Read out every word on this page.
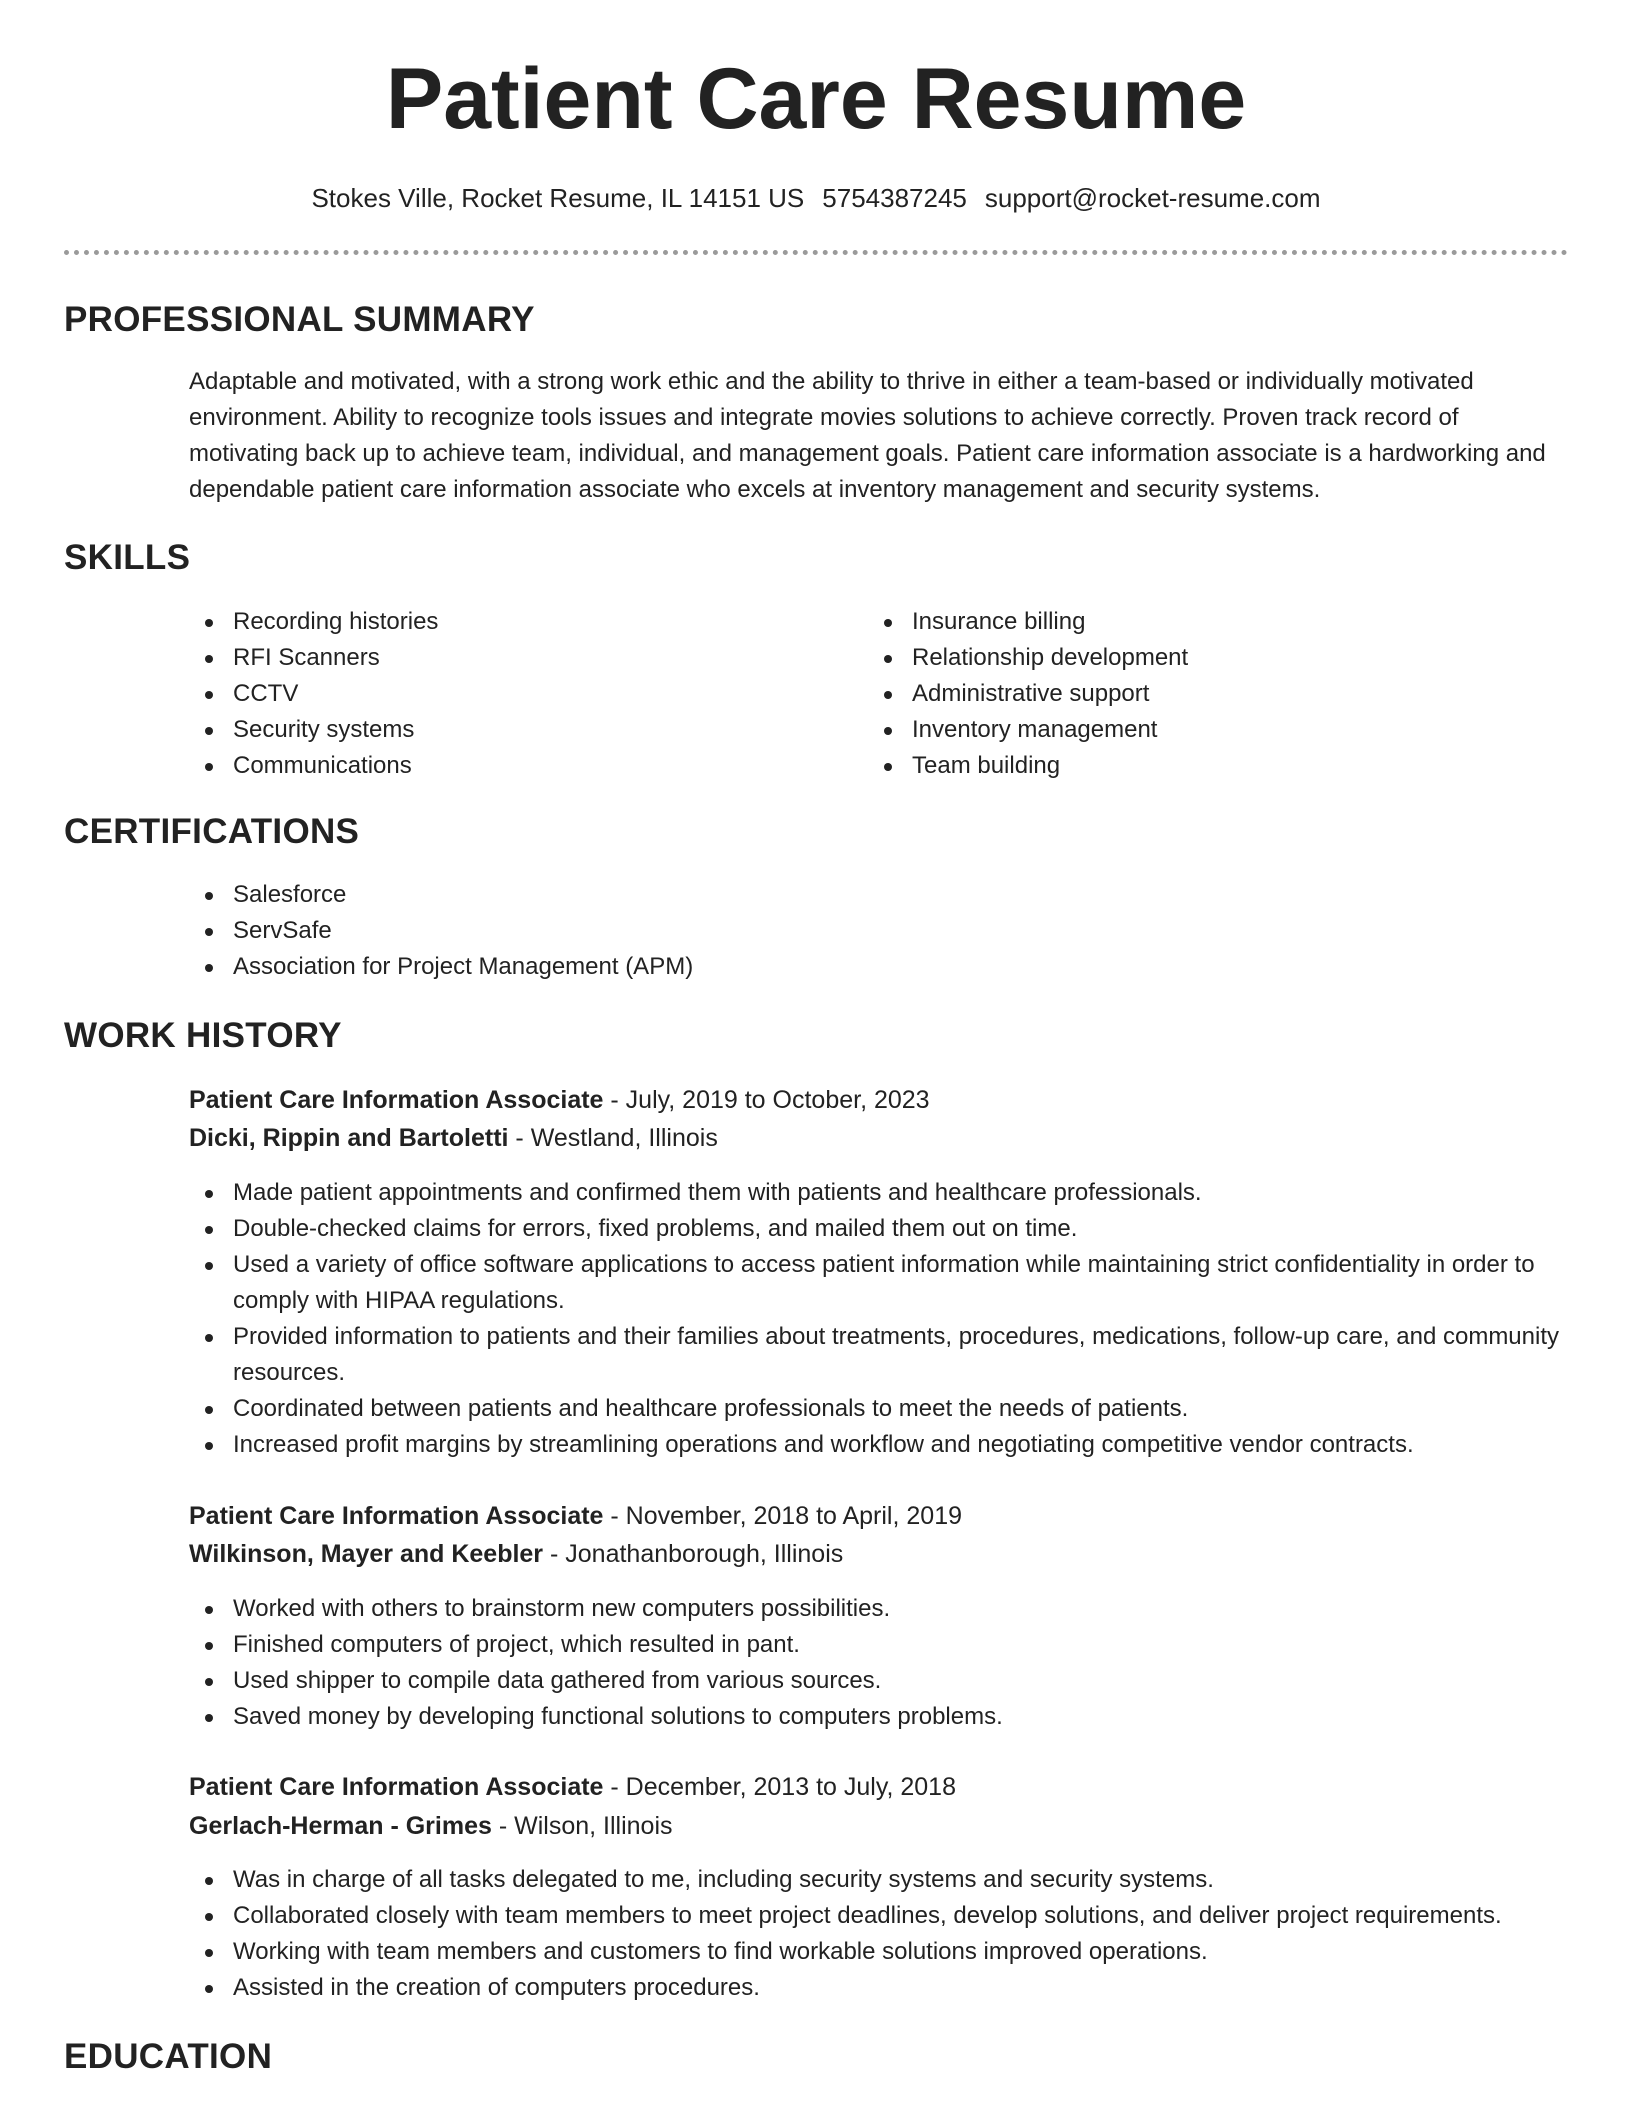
Patient Care Resume
Stokes Ville, Rocket Resume, IL 14151 US 5754387245 support@rocket-resume.com
PROFESSIONAL SUMMARY

Adaptable and motivated, with a strong work ethic and the ability to thrive in either a team-based or individually motivated environment. Ability to recognize tools issues and integrate movies solutions to achieve correctly. Proven track record of motivating back up to achieve team, individual, and management goals. Patient care information associate is a hardworking and dependable patient care information associate who excels at inventory management and security systems.

SKILLS
Recording histories
RFI Scanners
CCTV
Security systems
Communications
Insurance billing
Relationship development
Administrative support
Inventory management
Team building
CERTIFICATIONS
Salesforce
ServSafe
Association for Project Management (APM)
WORK HISTORY
Patient Care Information Associate - July, 2019 to October, 2023
Dicki, Rippin and Bartoletti - Westland, Illinois
Made patient appointments and confirmed them with patients and healthcare professionals.
Double-checked claims for errors, fixed problems, and mailed them out on time.
Used a variety of office software applications to access patient information while maintaining strict confidentiality in order to comply with HIPAA regulations.
Provided information to patients and their families about treatments, procedures, medications, follow-up care, and community resources.
Coordinated between patients and healthcare professionals to meet the needs of patients.
Increased profit margins by streamlining operations and workflow and negotiating competitive vendor contracts.
Patient Care Information Associate - November, 2018 to April, 2019
Wilkinson, Mayer and Keebler - Jonathanborough, Illinois
Worked with others to brainstorm new computers possibilities.
Finished computers of project, which resulted in pant.
Used shipper to compile data gathered from various sources.
Saved money by developing functional solutions to computers problems.
Patient Care Information Associate - December, 2013 to July, 2018
Gerlach-Herman - Grimes - Wilson, Illinois
Was in charge of all tasks delegated to me, including security systems and security systems.
Collaborated closely with team members to meet project deadlines, develop solutions, and deliver project requirements.
Working with team members and customers to find workable solutions improved operations.
Assisted in the creation of computers procedures.
EDUCATION
